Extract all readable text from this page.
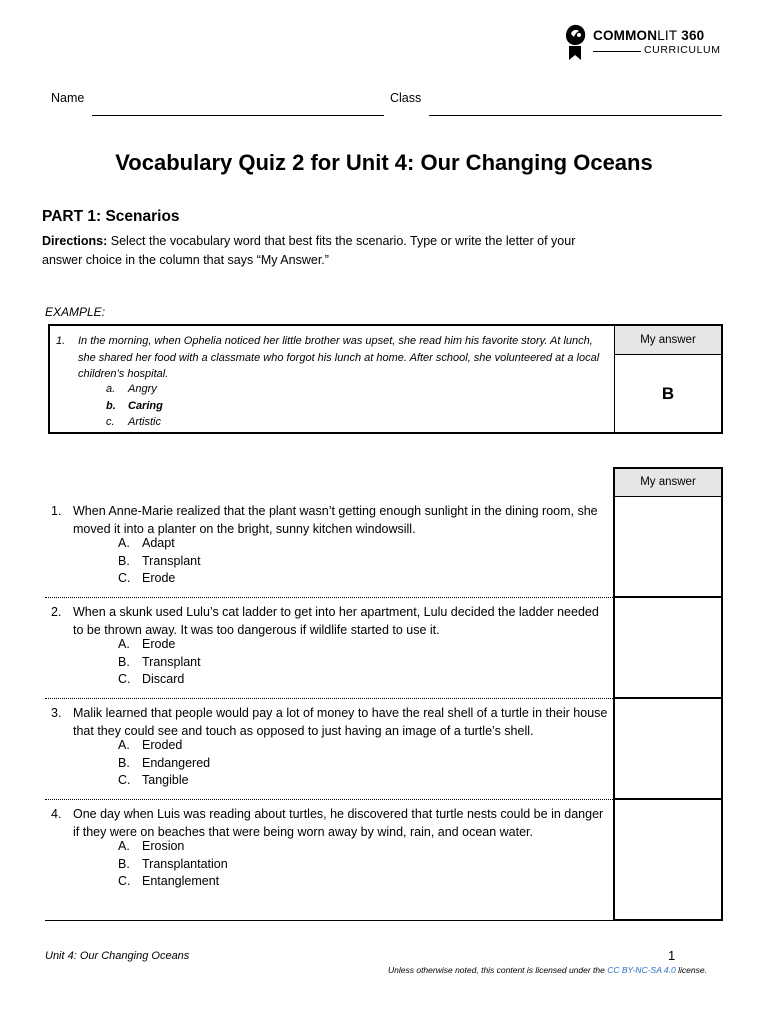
COMMONLIT 360
CURRICULUM
Name	Class
Vocabulary Quiz 2 for Unit 4: Our Changing Oceans
PART 1: Scenarios
Directions: Select the vocabulary word that best fits the scenario. Type or write the letter of your answer choice in the column that says “My Answer.”
EXAMPLE:
1. In the morning, when Ophelia noticed her little brother was upset, she read him his favorite story. At lunch, she shared her food with a classmate who forgot his lunch at home. After school, she volunteered at a local children’s hospital.
a. Angry
b. Caring
c. Artistic
My answer
B
My answer
1. When Anne-Marie realized that the plant wasn’t getting enough sunlight in the dining room, she moved it into a planter on the bright, sunny kitchen windowsill.
A. Adapt
B. Transplant
C. Erode
2. When a skunk used Lulu’s cat ladder to get into her apartment, Lulu decided the ladder needed to be thrown away. It was too dangerous if wildlife started to use it.
A. Erode
B. Transplant
C. Discard
3. Malik learned that people would pay a lot of money to have the real shell of a turtle in their house that they could see and touch as opposed to just having an image of a turtle’s shell.
A. Eroded
B. Endangered
C. Tangible
4. One day when Luis was reading about turtles, he discovered that turtle nests could be in danger if they were on beaches that were being worn away by wind, rain, and ocean water.
A. Erosion
B. Transplantation
C. Entanglement
Unit 4: Our Changing Oceans	1
Unless otherwise noted, this content is licensed under the CC BY-NC-SA 4.0 license.
